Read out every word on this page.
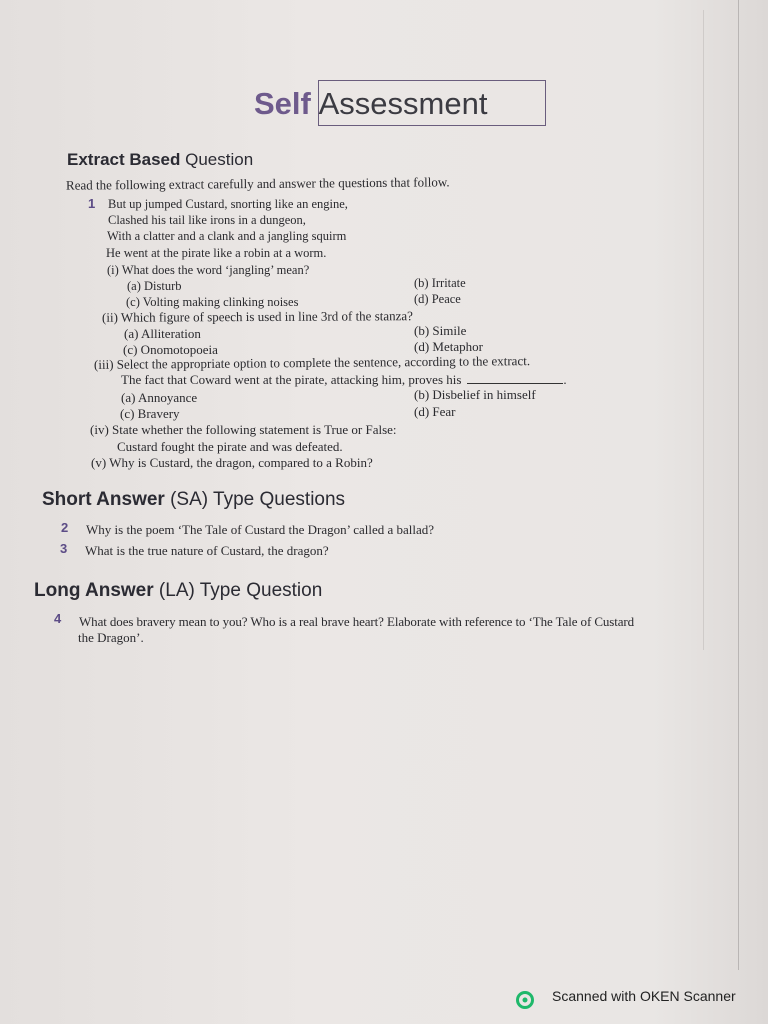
Self Assessment
Extract Based Question
Read the following extract carefully and answer the questions that follow.
1 But up jumped Custard, snorting like an engine,
Clashed his tail like irons in a dungeon,
With a clatter and a clank and a jangling squirm
He went at the pirate like a robin at a worm.
(i) What does the word ‘jangling’ mean?
(a) Disturb	(b) Irritate
(c) Volting making clinking noises	(d) Peace
(ii) Which figure of speech is used in line 3rd of the stanza?
(a) Alliteration	(b) Simile
(c) Onomotopoeia	(d) Metaphor
(iii) Select the appropriate option to complete the sentence, according to the extract.
The fact that Coward went at the pirate, attacking him, proves his	.
(a) Annoyance	(b) Disbelief in himself
(c) Bravery	(d) Fear
(iv) State whether the following statement is True or False:
Custard fought the pirate and was defeated.
(v) Why is Custard, the dragon, compared to a Robin?
Short Answer (SA) Type Questions
2 Why is the poem ‘The Tale of Custard the Dragon’ called a ballad?
3 What is the true nature of Custard, the dragon?
Long Answer (LA) Type Question
4 What does bravery mean to you? Who is a real brave heart? Elaborate with reference to ‘The Tale of Custard
the Dragon’.
Scanned with OKEN Scanner
